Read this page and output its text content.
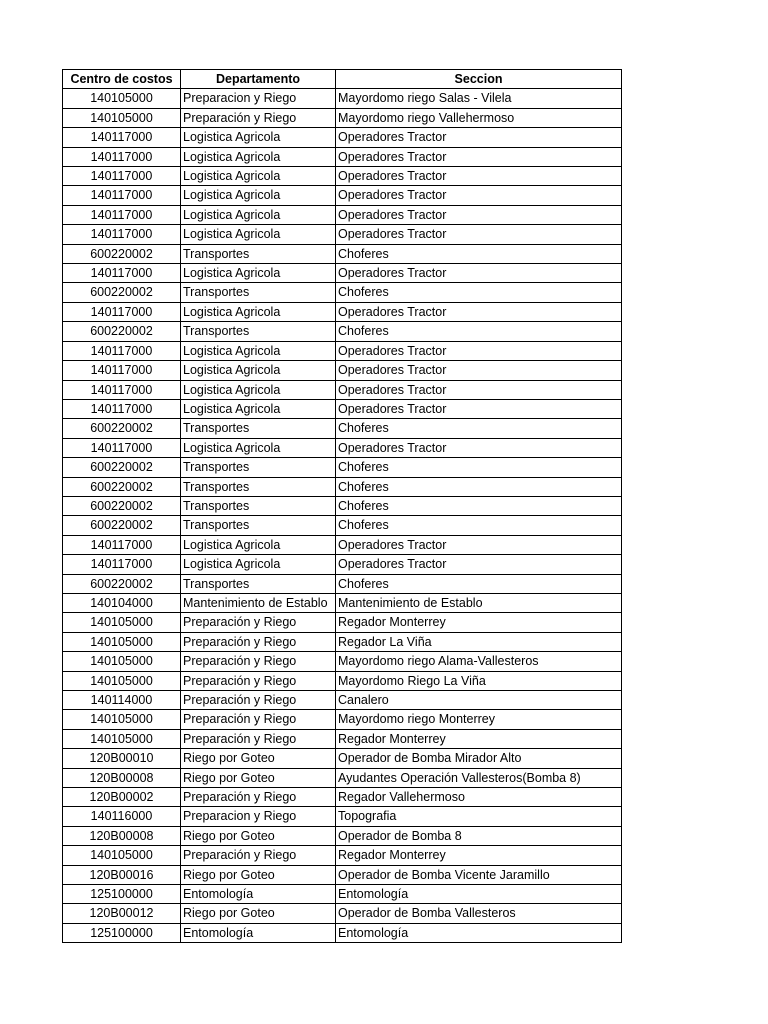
Centro de costos	Departamento	Seccion
140105000	Preparacion y Riego	Mayordomo riego Salas - Vilela
140105000	Preparación y Riego	Mayordomo riego Vallehermoso
140117000	Logistica Agricola	Operadores Tractor
140117000	Logistica Agricola	Operadores Tractor
140117000	Logistica Agricola	Operadores Tractor
140117000	Logistica Agricola	Operadores Tractor
140117000	Logistica Agricola	Operadores Tractor
140117000	Logistica Agricola	Operadores Tractor
600220002	Transportes	Choferes
140117000	Logistica Agricola	Operadores Tractor
600220002	Transportes	Choferes
140117000	Logistica Agricola	Operadores Tractor
600220002	Transportes	Choferes
140117000	Logistica Agricola	Operadores Tractor
140117000	Logistica Agricola	Operadores Tractor
140117000	Logistica Agricola	Operadores Tractor
140117000	Logistica Agricola	Operadores Tractor
600220002	Transportes	Choferes
140117000	Logistica Agricola	Operadores Tractor
600220002	Transportes	Choferes
600220002	Transportes	Choferes
600220002	Transportes	Choferes
600220002	Transportes	Choferes
140117000	Logistica Agricola	Operadores Tractor
140117000	Logistica Agricola	Operadores Tractor
600220002	Transportes	Choferes
140104000	Mantenimiento de Establo	Mantenimiento de Establo
140105000	Preparación y Riego	Regador Monterrey
140105000	Preparación y Riego	Regador La Viña
140105000	Preparación y Riego	Mayordomo riego Alama-Vallesteros
140105000	Preparación y Riego	Mayordomo Riego La Viña
140114000	Preparación y Riego	Canalero
140105000	Preparación y Riego	Mayordomo riego Monterrey
140105000	Preparación y Riego	Regador Monterrey
120B00010	Riego por Goteo	Operador de Bomba Mirador Alto
120B00008	Riego por Goteo	Ayudantes Operación Vallesteros(Bomba 8)
120B00002	Preparación y Riego	Regador Vallehermoso
140116000	Preparacion y Riego	Topografia
120B00008	Riego por Goteo	Operador de Bomba 8
140105000	Preparación y Riego	Regador Monterrey
120B00016	Riego por Goteo	Operador de Bomba Vicente Jaramillo
125100000	Entomología	Entomología
120B00012	Riego por Goteo	Operador de Bomba Vallesteros
125100000	Entomología	Entomología
